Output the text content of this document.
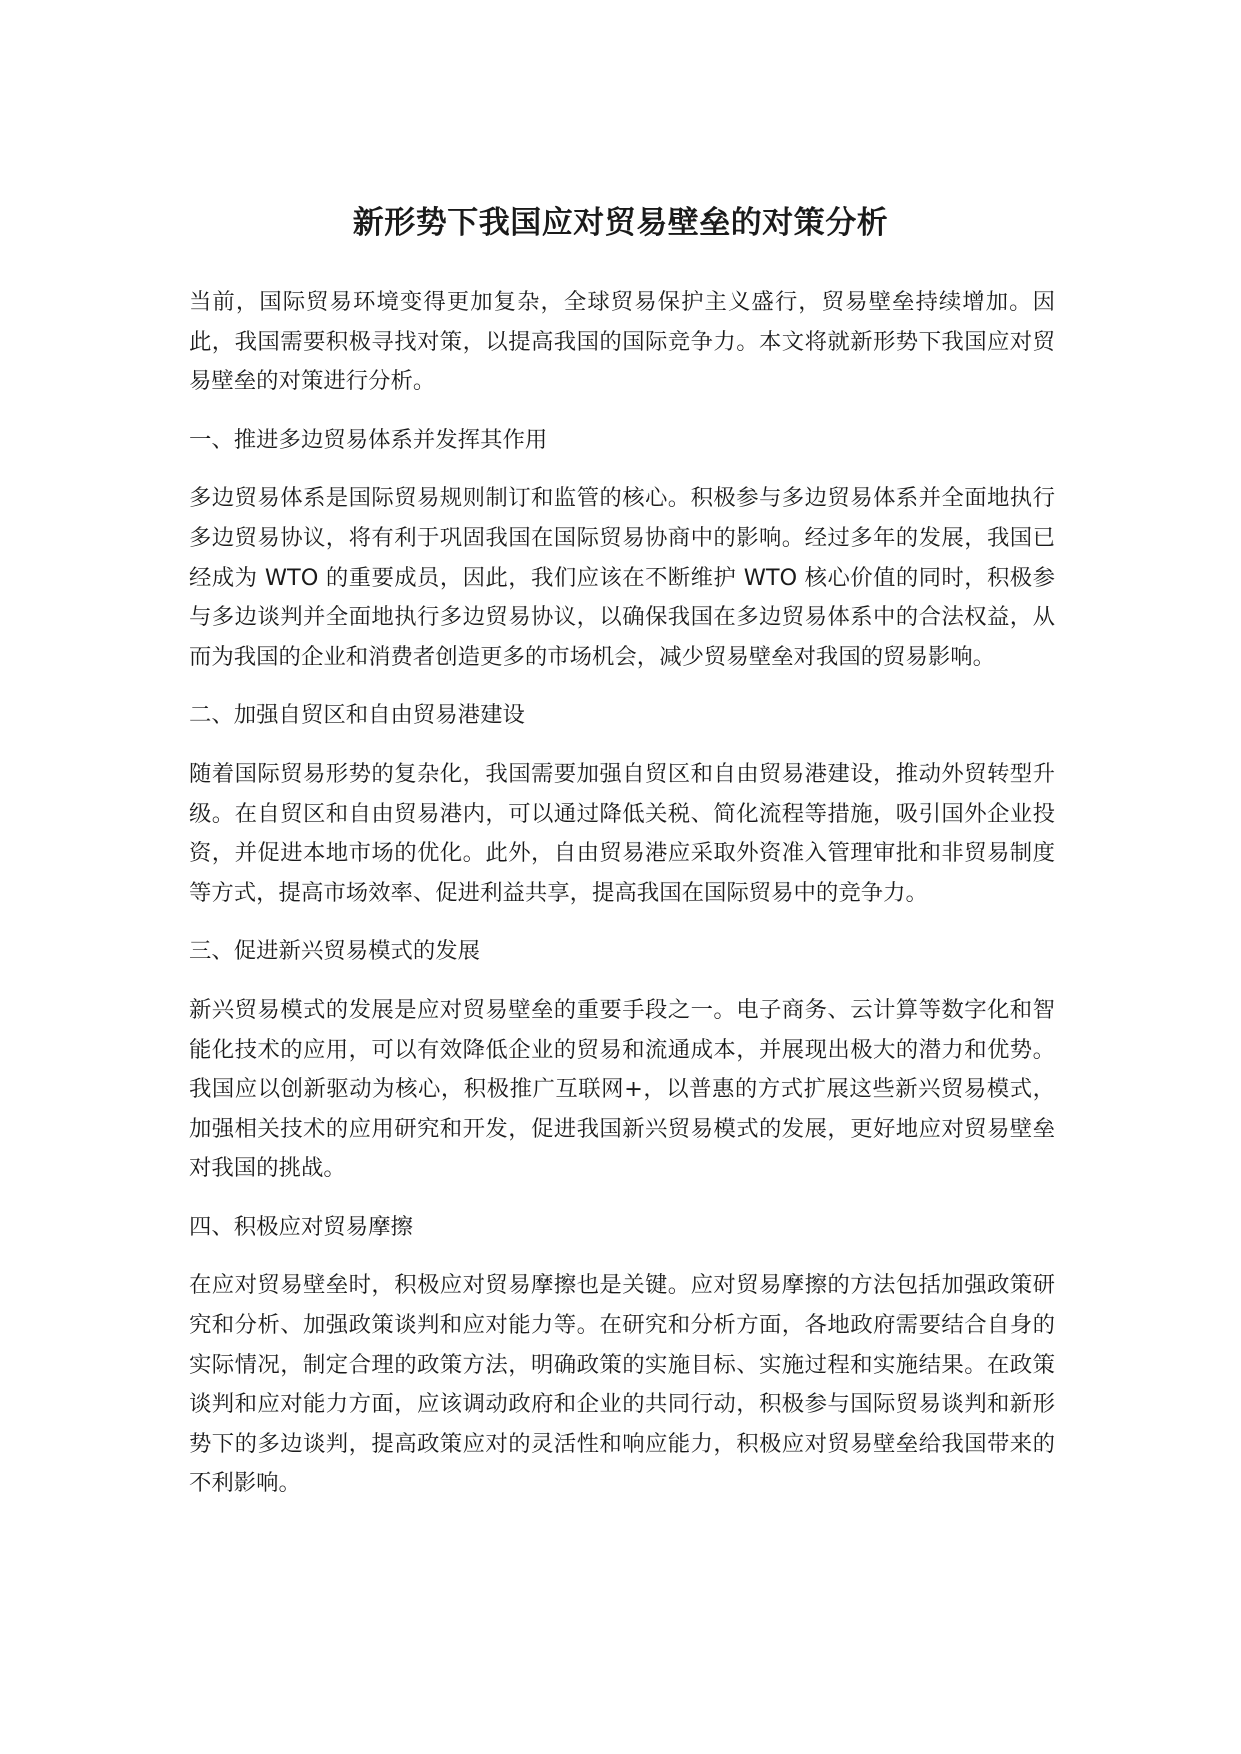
新形势下我国应对贸易壁垒的对策分析

当前，国际贸易环境变得更加复杂，全球贸易保护主义盛行，贸易壁垒持续增加。因此，我国需要积极寻找对策，以提高我国的国际竞争力。本文将就新形势下我国应对贸易壁垒的对策进行分析。

一、推进多边贸易体系并发挥其作用

多边贸易体系是国际贸易规则制订和监管的核心。积极参与多边贸易体系并全面地执行多边贸易协议，将有利于巩固我国在国际贸易协商中的影响。经过多年的发展，我国已经成为 WTO 的重要成员，因此，我们应该在不断维护 WTO 核心价值的同时，积极参与多边谈判并全面地执行多边贸易协议，以确保我国在多边贸易体系中的合法权益，从而为我国的企业和消费者创造更多的市场机会，减少贸易壁垒对我国的贸易影响。

二、加强自贸区和自由贸易港建设

随着国际贸易形势的复杂化，我国需要加强自贸区和自由贸易港建设，推动外贸转型升级。在自贸区和自由贸易港内，可以通过降低关税、简化流程等措施，吸引国外企业投资，并促进本地市场的优化。此外，自由贸易港应采取外资准入管理审批和非贸易制度等方式，提高市场效率、促进利益共享，提高我国在国际贸易中的竞争力。

三、促进新兴贸易模式的发展

新兴贸易模式的发展是应对贸易壁垒的重要手段之一。电子商务、云计算等数字化和智能化技术的应用，可以有效降低企业的贸易和流通成本，并展现出极大的潜力和优势。我国应以创新驱动为核心，积极推广互联网+，以普惠的方式扩展这些新兴贸易模式，加强相关技术的应用研究和开发，促进我国新兴贸易模式的发展，更好地应对贸易壁垒对我国的挑战。

四、积极应对贸易摩擦

在应对贸易壁垒时，积极应对贸易摩擦也是关键。应对贸易摩擦的方法包括加强政策研究和分析、加强政策谈判和应对能力等。在研究和分析方面，各地政府需要结合自身的实际情况，制定合理的政策方法，明确政策的实施目标、实施过程和实施结果。在政策谈判和应对能力方面，应该调动政府和企业的共同行动，积极参与国际贸易谈判和新形势下的多边谈判，提高政策应对的灵活性和响应能力，积极应对贸易壁垒给我国带来的不利影响。
